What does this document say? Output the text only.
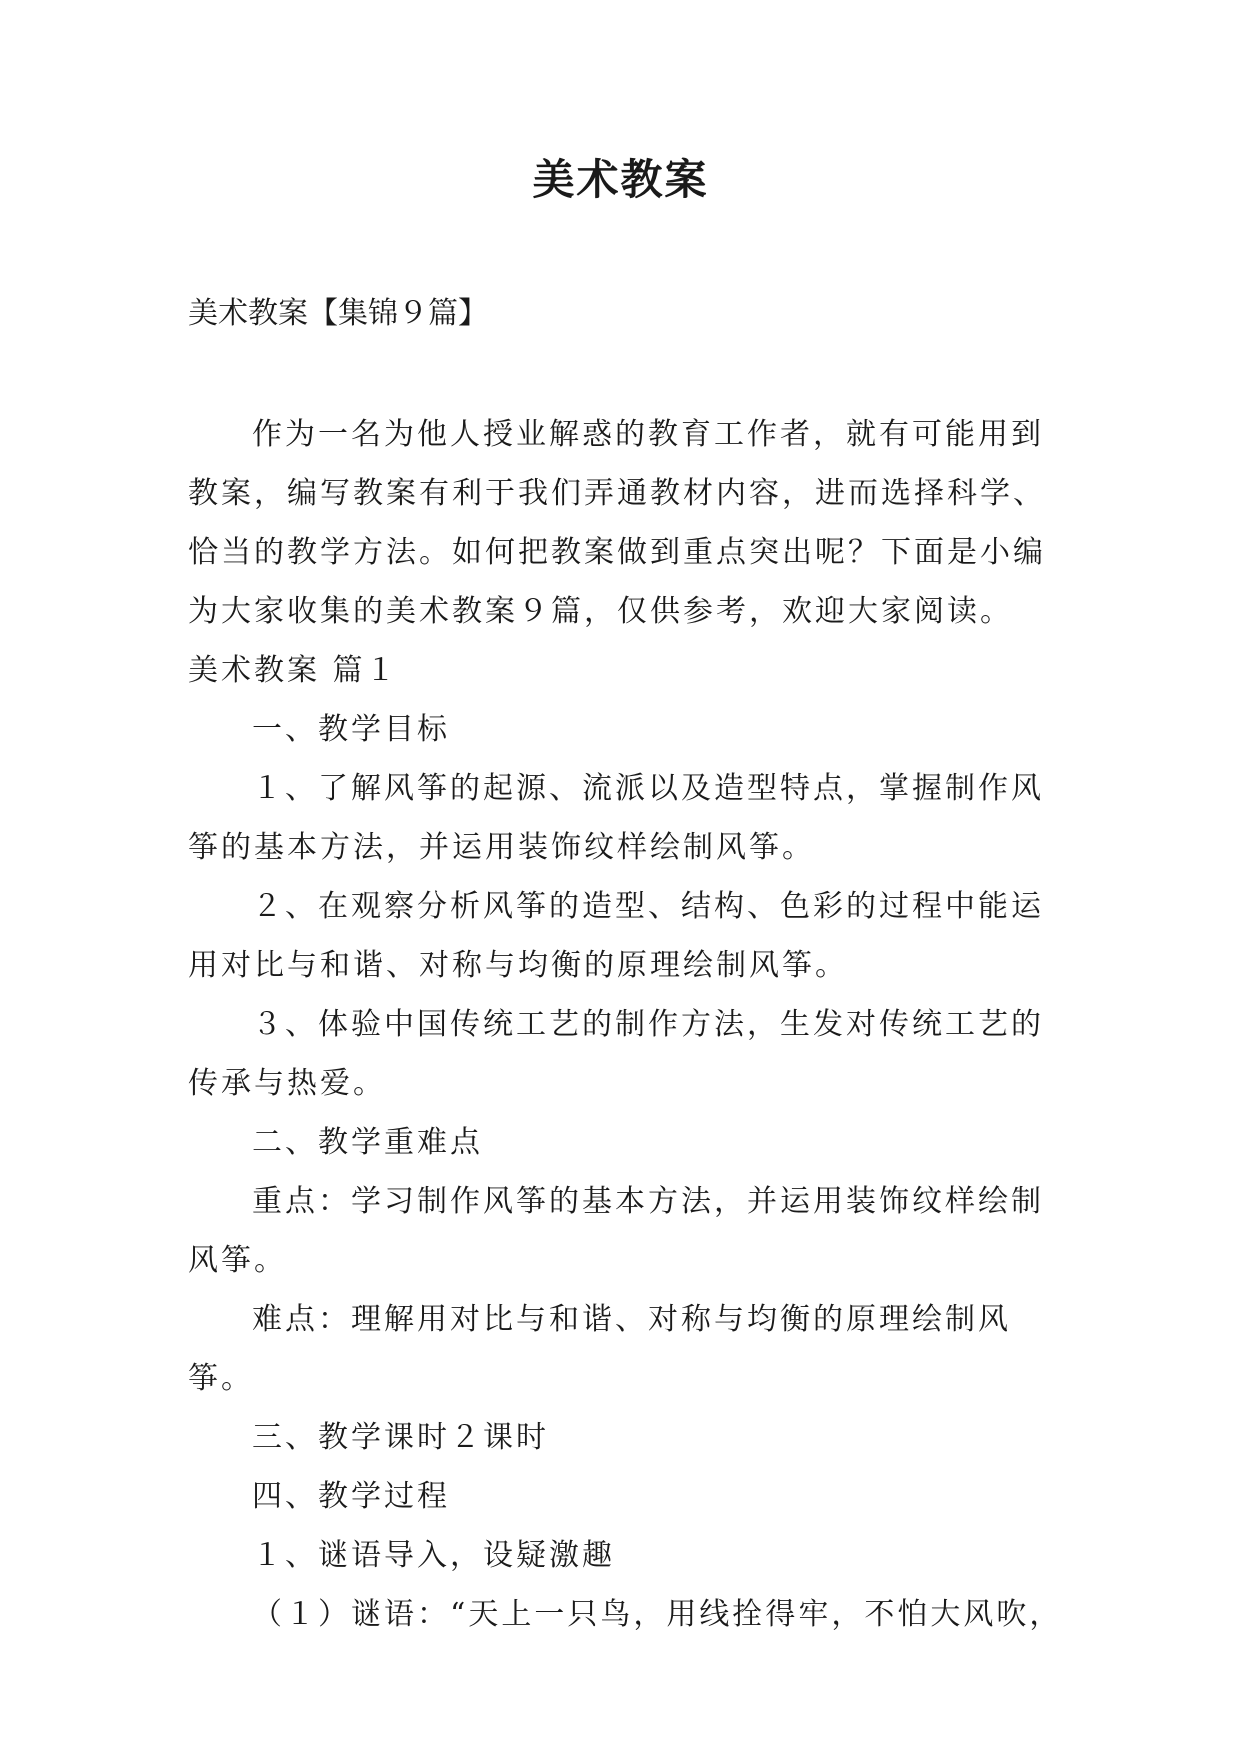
美术教案
美术教案【集锦９篇】

作为一名为他人授业解惑的教育工作者，就有可能用到教案，编写教案有利于我们弄通教材内容，进而选择科学、恰当的教学方法。如何把教案做到重点突出呢？下面是小编为大家收集的美术教案９篇，仅供参考，欢迎大家阅读。

美术教案 篇１

一、教学目标

１、了解风筝的起源、流派以及造型特点，掌握制作风筝的基本方法，并运用装饰纹样绘制风筝。

２、在观察分析风筝的造型、结构、色彩的过程中能运用对比与和谐、对称与均衡的原理绘制风筝。

３、体验中国传统工艺的制作方法，生发对传统工艺的传承与热爱。

二、教学重难点

重点：学习制作风筝的基本方法，并运用装饰纹样绘制风筝。

难点：理解用对比与和谐、对称与均衡的原理绘制风筝。

三、教学课时２课时

四、教学过程

１、谜语导入，设疑激趣

（１）谜语：“天上一只鸟，用线拴得牢，不怕大风吹，
